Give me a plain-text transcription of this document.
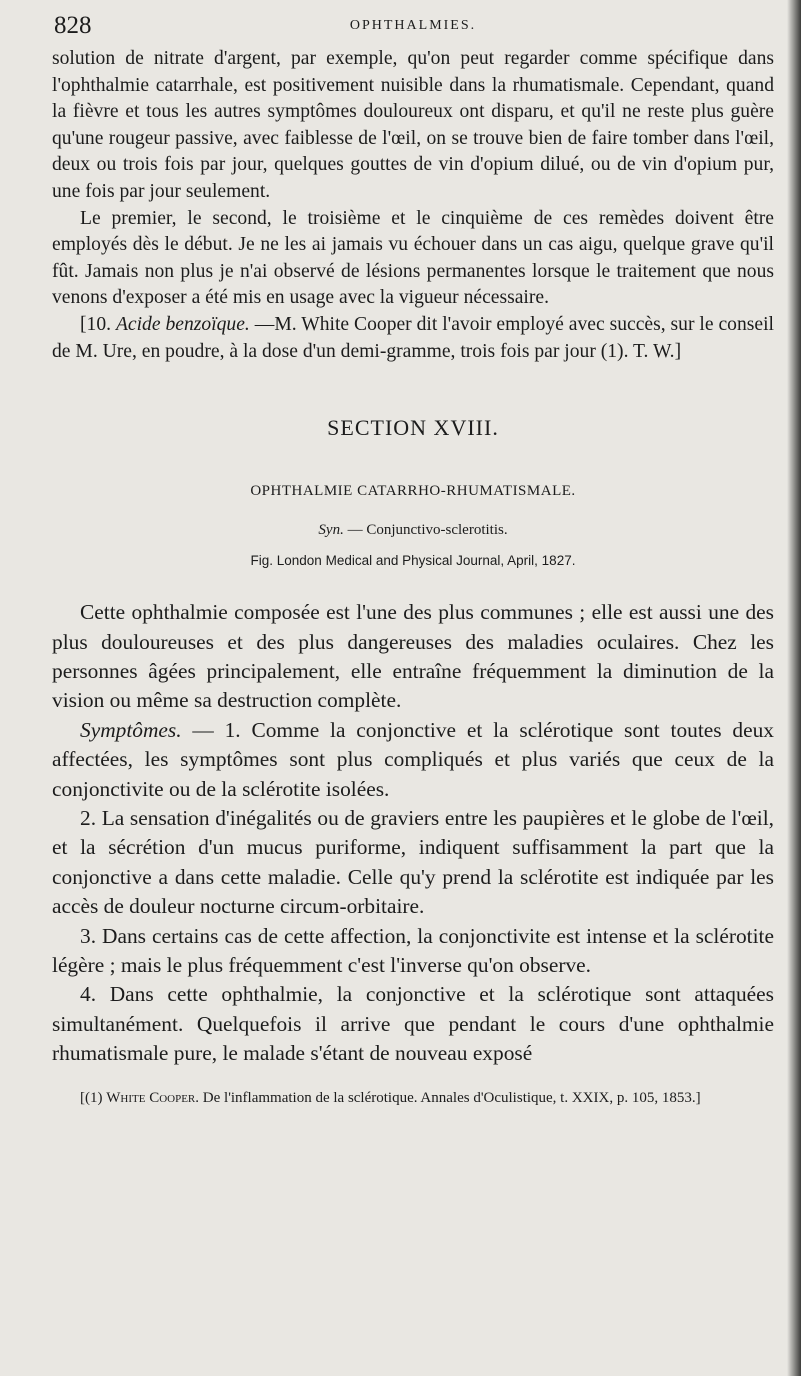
828	OPHTHALMIES.

solution de nitrate d'argent, par exemple, qu'on peut regarder comme spécifique dans l'ophthalmie catarrhale, est positivement nuisible dans la rhumatismale. Cependant, quand la fièvre et tous les autres symptômes douloureux ont disparu, et qu'il ne reste plus guère qu'une rougeur passive, avec faiblesse de l'œil, on se trouve bien de faire tomber dans l'œil, deux ou trois fois par jour, quelques gouttes de vin d'opium dilué, ou de vin d'opium pur, une fois par jour seulement.

Le premier, le second, le troisième et le cinquième de ces remèdes doivent être employés dès le début. Je ne les ai jamais vu échouer dans un cas aigu, quelque grave qu'il fût. Jamais non plus je n'ai observé de lésions permanentes lorsque le traitement que nous venons d'exposer a été mis en usage avec la vigueur nécessaire.

[10. Acide benzoïque. —M. White Cooper dit l'avoir employé avec succès, sur le conseil de M. Ure, en poudre, à la dose d'un demi-gramme, trois fois par jour (1). T. W.]

SECTION XVIII.

OPHTHALMIE CATARRHO-RHUMATISMALE.

Syn. — Conjunctivo-sclerotitis.

Fig. London Medical and Physical Journal, April, 1827.

Cette ophthalmie composée est l'une des plus communes ; elle est aussi une des plus douloureuses et des plus dangereuses des maladies oculaires. Chez les personnes âgées principalement, elle entraîne fréquemment la diminution de la vision ou même sa destruction complète.

Symptômes. — 1. Comme la conjonctive et la sclérotique sont toutes deux affectées, les symptômes sont plus compliqués et plus variés que ceux de la conjonctivite ou de la sclérotite isolées.

2. La sensation d'inégalités ou de graviers entre les paupières et le globe de l'œil, et la sécrétion d'un mucus puriforme, indiquent suffisamment la part que la conjonctive a dans cette maladie. Celle qu'y prend la sclérotite est indiquée par les accès de douleur nocturne circum-orbitaire.

3. Dans certains cas de cette affection, la conjonctivite est intense et la sclérotite légère ; mais le plus fréquemment c'est l'inverse qu'on observe.

4. Dans cette ophthalmie, la conjonctive et la sclérotique sont attaquées simultanément. Quelquefois il arrive que pendant le cours d'une ophthalmie rhumatismale pure, le malade s'étant de nouveau exposé

[(1) White Cooper. De l'inflammation de la sclérotique. Annales d'Oculistique, t. XXIX, p. 105, 1853.]
